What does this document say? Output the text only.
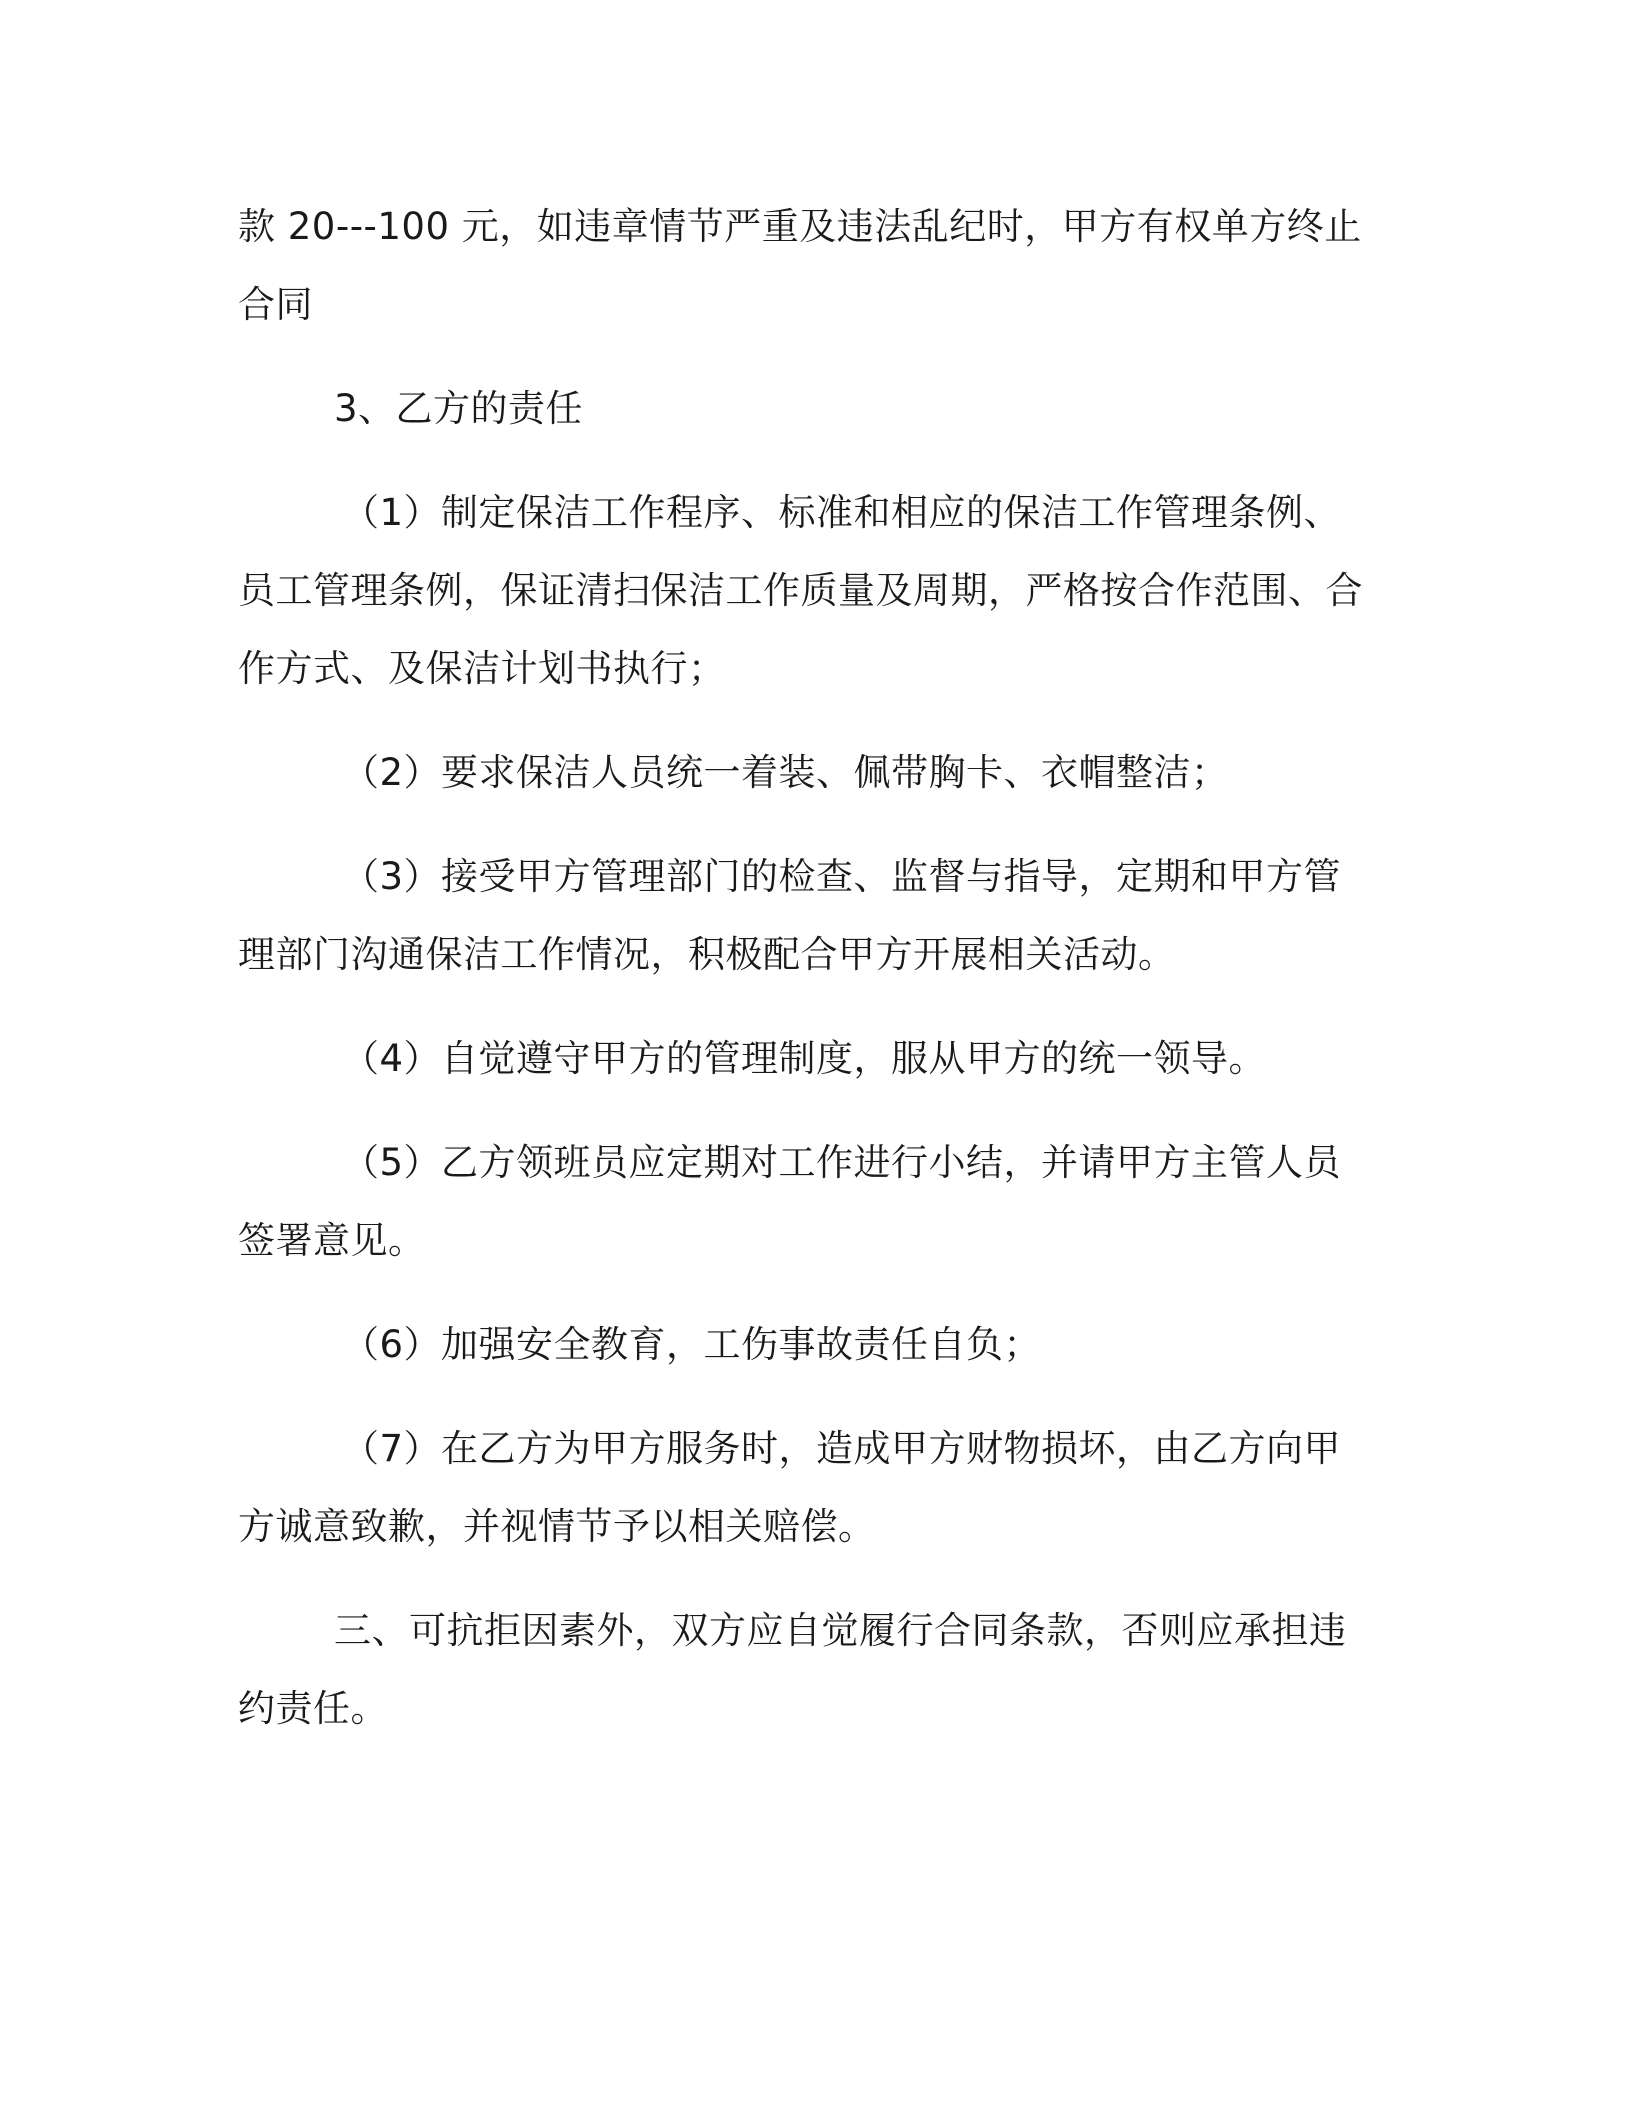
款 20---100 元，如违章情节严重及违法乱纪时，甲方有权单方终止合同

3、乙方的责任

（1）制定保洁工作程序、标准和相应的保洁工作管理条例、员工管理条例，保证清扫保洁工作质量及周期，严格按合作范围、合作方式、及保洁计划书执行；

（2）要求保洁人员统一着装、佩带胸卡、衣帽整洁；

（3）接受甲方管理部门的检查、监督与指导，定期和甲方管理部门沟通保洁工作情况，积极配合甲方开展相关活动。

（4）自觉遵守甲方的管理制度，服从甲方的统一领导。

（5）乙方领班员应定期对工作进行小结，并请甲方主管人员签署意见。

（6）加强安全教育，工伤事故责任自负；

（7）在乙方为甲方服务时，造成甲方财物损坏，由乙方向甲方诚意致歉，并视情节予以相关赔偿。

三、可抗拒因素外，双方应自觉履行合同条款，否则应承担违约责任。
